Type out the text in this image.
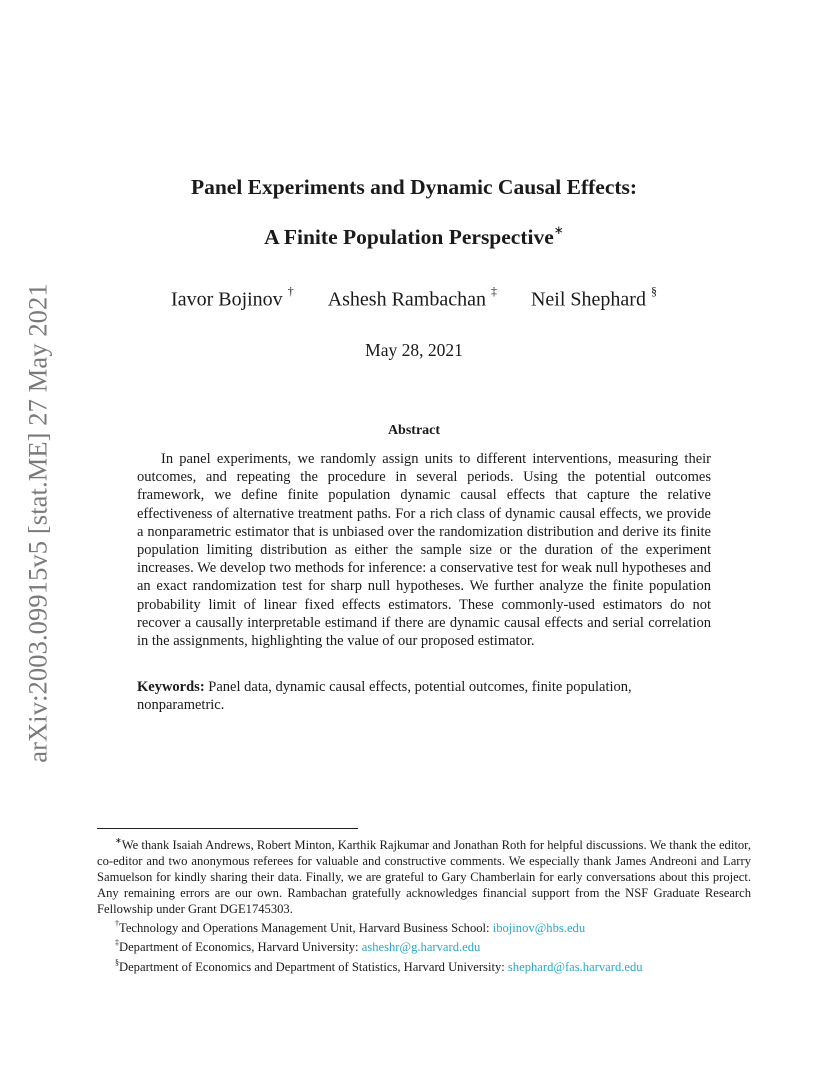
arXiv:2003.09915v5 [stat.ME] 27 May 2021
Panel Experiments and Dynamic Causal Effects:
A Finite Population Perspective∗
Iavor Bojinov † Ashesh Rambachan ‡ Neil Shephard §
May 28, 2021
Abstract

In panel experiments, we randomly assign units to different interventions, measuring their outcomes, and repeating the procedure in several periods. Using the potential outcomes framework, we define finite population dynamic causal effects that capture the relative effectiveness of alternative treatment paths. For a rich class of dynamic causal effects, we provide a nonparametric estimator that is unbiased over the randomization distribution and derive its finite population limiting distribution as either the sample size or the duration of the experiment increases. We develop two methods for inference: a conservative test for weak null hypotheses and an exact randomization test for sharp null hypotheses. We further analyze the finite population probability limit of linear fixed effects estimators. These commonly-used estimators do not recover a causally interpretable estimand if there are dynamic causal effects and serial correlation in the assignments, highlighting the value of our proposed estimator.

Keywords: Panel data, dynamic causal effects, potential outcomes, finite population, nonparametric.

∗We thank Isaiah Andrews, Robert Minton, Karthik Rajkumar and Jonathan Roth for helpful discussions. We thank the editor, co-editor and two anonymous referees for valuable and constructive comments. We especially thank James Andreoni and Larry Samuelson for kindly sharing their data. Finally, we are grateful to Gary Chamberlain for early conversations about this project. Any remaining errors are our own. Rambachan gratefully acknowledges financial support from the NSF Graduate Research Fellowship under Grant DGE1745303.

†Technology and Operations Management Unit, Harvard Business School: ibojinov@hbs.edu

‡Department of Economics, Harvard University: asheshr@g.harvard.edu

§Department of Economics and Department of Statistics, Harvard University: shephard@fas.harvard.edu
